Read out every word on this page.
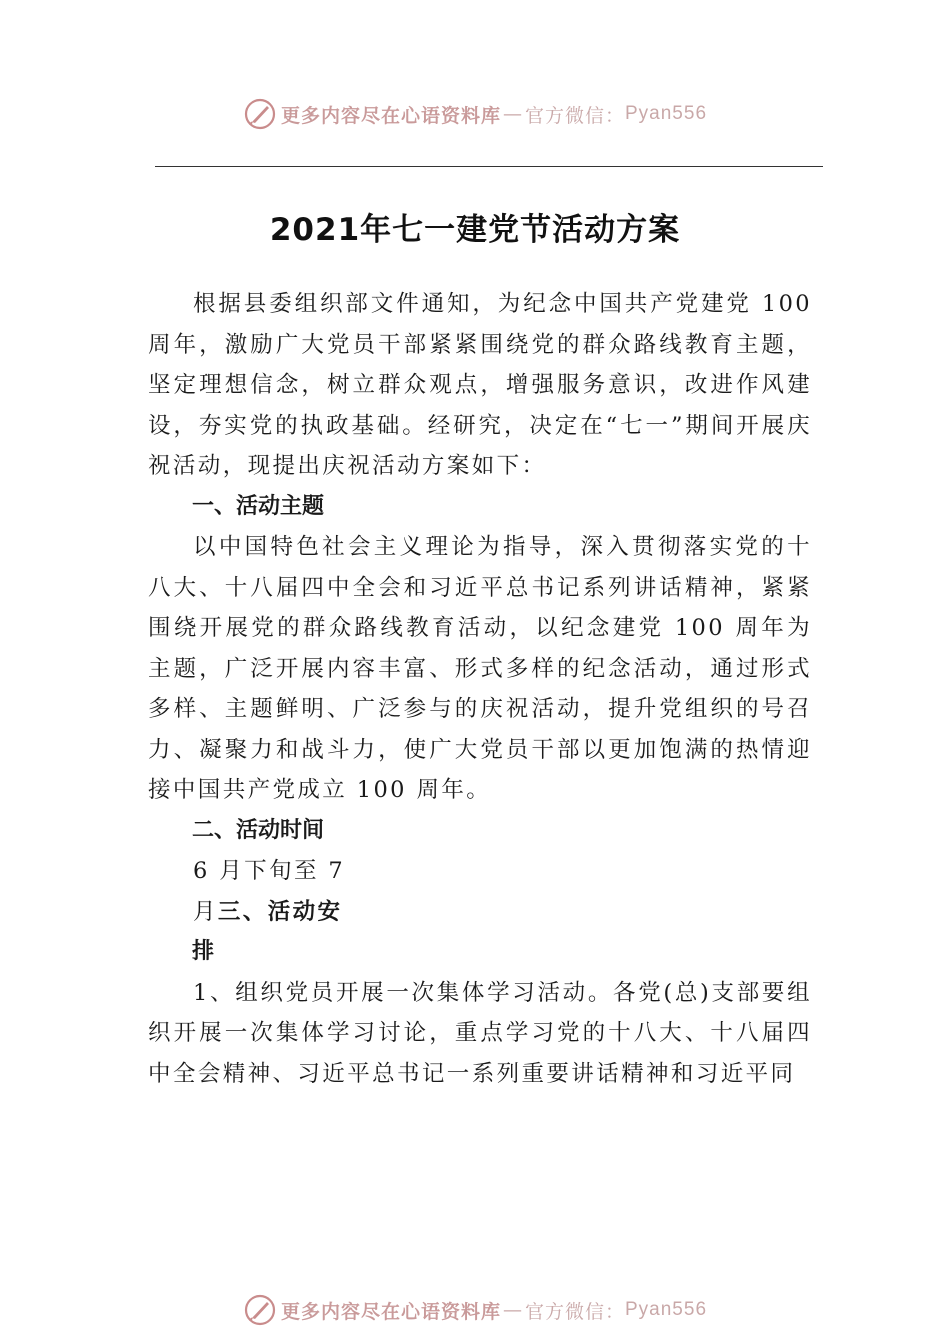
更多内容尽在心语资料库 — 官方微信： Pyan556
2021年七一建党节活动方案

根据县委组织部文件通知，为纪念中国共产党建党 100 周年，激励广大党员干部紧紧围绕党的群众路线教育主题，坚定理想信念，树立群众观点，增强服务意识，改进作风建设，夯实党的执政基础。经研究，决定在“七一”期间开展庆祝活动，现提出庆祝活动方案如下：

一、活动主题

以中国特色社会主义理论为指导，深入贯彻落实党的十八大、十八届四中全会和习近平总书记系列讲话精神，紧紧围绕开展党的群众路线教育活动，以纪念建党 100 周年为主题，广泛开展内容丰富、形式多样的纪念活动，通过形式多样、主题鲜明、广泛参与的庆祝活动，提升党组织的号召力、凝聚力和战斗力，使广大党员干部以更加饱满的热情迎接中国共产党成立 100 周年。

二、活动时间

6 月下旬至 7

月三、活动安

排

1、组织党员开展一次集体学习活动。各党(总)支部要组织开展一次集体学习讨论，重点学习党的十八大、十八届四中全会精神、习近平总书记一系列重要讲话精神和习近平同

更多内容尽在心语资料库 — 官方微信： Pyan556
